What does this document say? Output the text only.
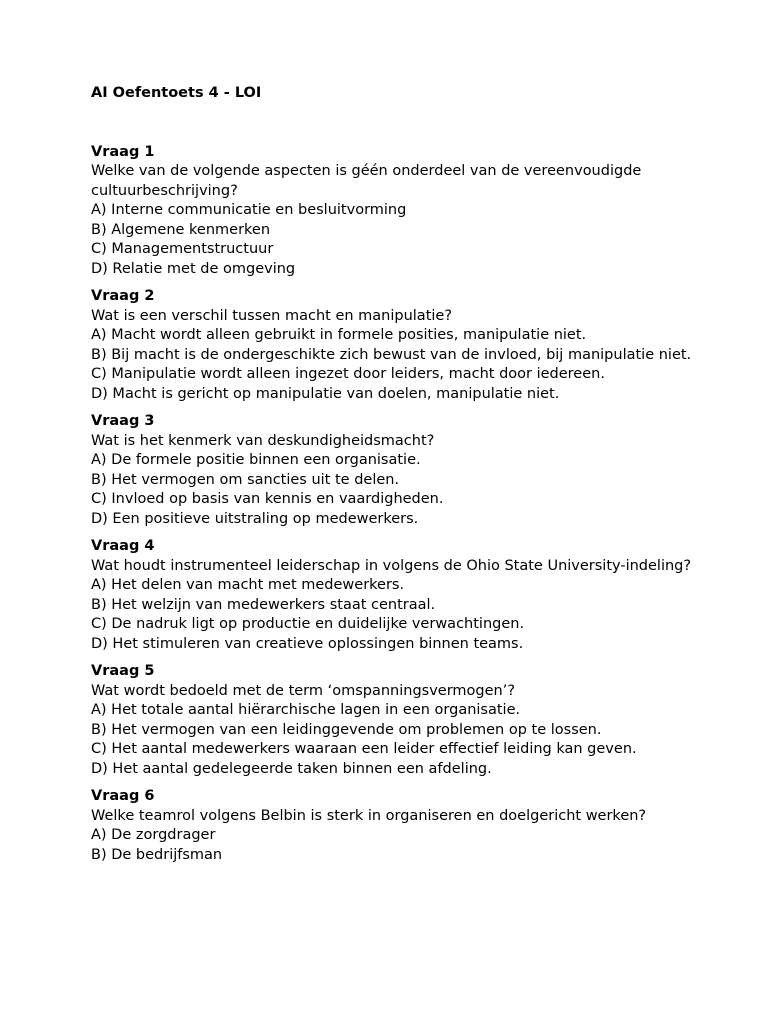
AI Oefentoets 4 - LOI
Vraag 1
Welke van de volgende aspecten is géén onderdeel van de vereenvoudigde cultuurbeschrijving?
A) Interne communicatie en besluitvorming
B) Algemene kenmerken
C) Managementstructuur
D) Relatie met de omgeving
Vraag 2
Wat is een verschil tussen macht en manipulatie?
A) Macht wordt alleen gebruikt in formele posities, manipulatie niet.
B) Bij macht is de ondergeschikte zich bewust van de invloed, bij manipulatie niet.
C) Manipulatie wordt alleen ingezet door leiders, macht door iedereen.
D) Macht is gericht op manipulatie van doelen, manipulatie niet.
Vraag 3
Wat is het kenmerk van deskundigheidsmacht?
A) De formele positie binnen een organisatie.
B) Het vermogen om sancties uit te delen.
C) Invloed op basis van kennis en vaardigheden.
D) Een positieve uitstraling op medewerkers.
Vraag 4
Wat houdt instrumenteel leiderschap in volgens de Ohio State University-indeling?
A) Het delen van macht met medewerkers.
B) Het welzijn van medewerkers staat centraal.
C) De nadruk ligt op productie en duidelijke verwachtingen.
D) Het stimuleren van creatieve oplossingen binnen teams.
Vraag 5
Wat wordt bedoeld met de term ‘omspanningsvermogen’?
A) Het totale aantal hiërarchische lagen in een organisatie.
B) Het vermogen van een leidinggevende om problemen op te lossen.
C) Het aantal medewerkers waaraan een leider effectief leiding kan geven.
D) Het aantal gedelegeerde taken binnen een afdeling.
Vraag 6
Welke teamrol volgens Belbin is sterk in organiseren en doelgericht werken?
A) De zorgdrager
B) De bedrijfsman
